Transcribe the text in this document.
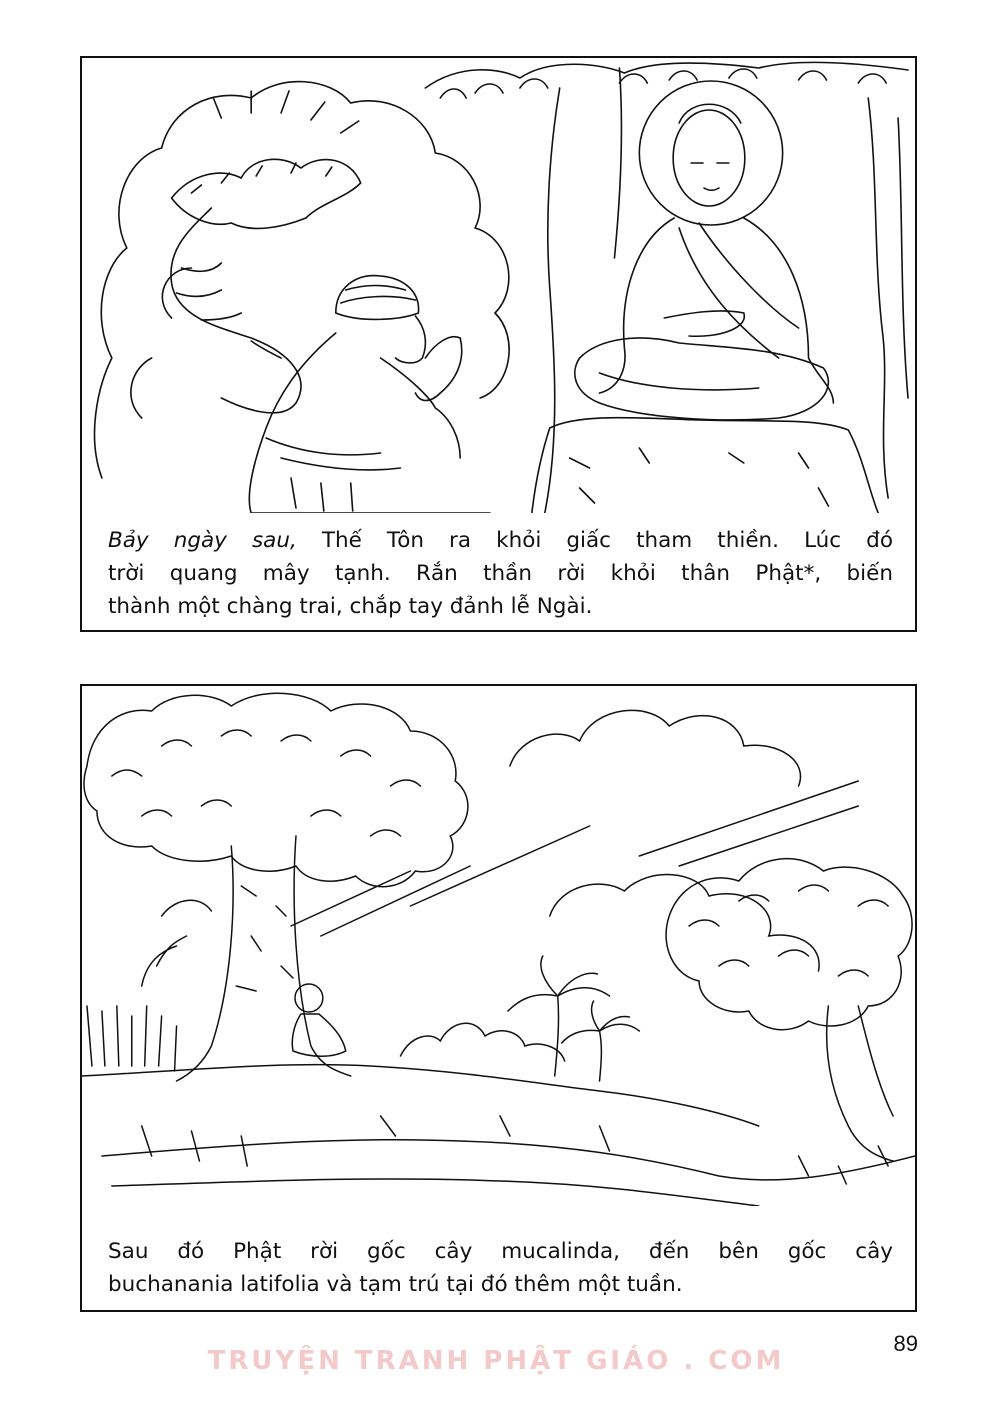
Bảy ngày sau, Thế Tôn ra khỏi giấc tham thiền. Lúc đó
trời quang mây tạnh. Rắn thần rời khỏi thân Phật*, biến
thành một chàng trai, chắp tay đảnh lễ Ngài.
Sau đó Phật rời gốc cây mucalinda, đến bên gốc cây
buchanania latifolia và tạm trú tại đó thêm một tuần.
89
TRUYỆN TRANH PHẬT GIÁO . COM
